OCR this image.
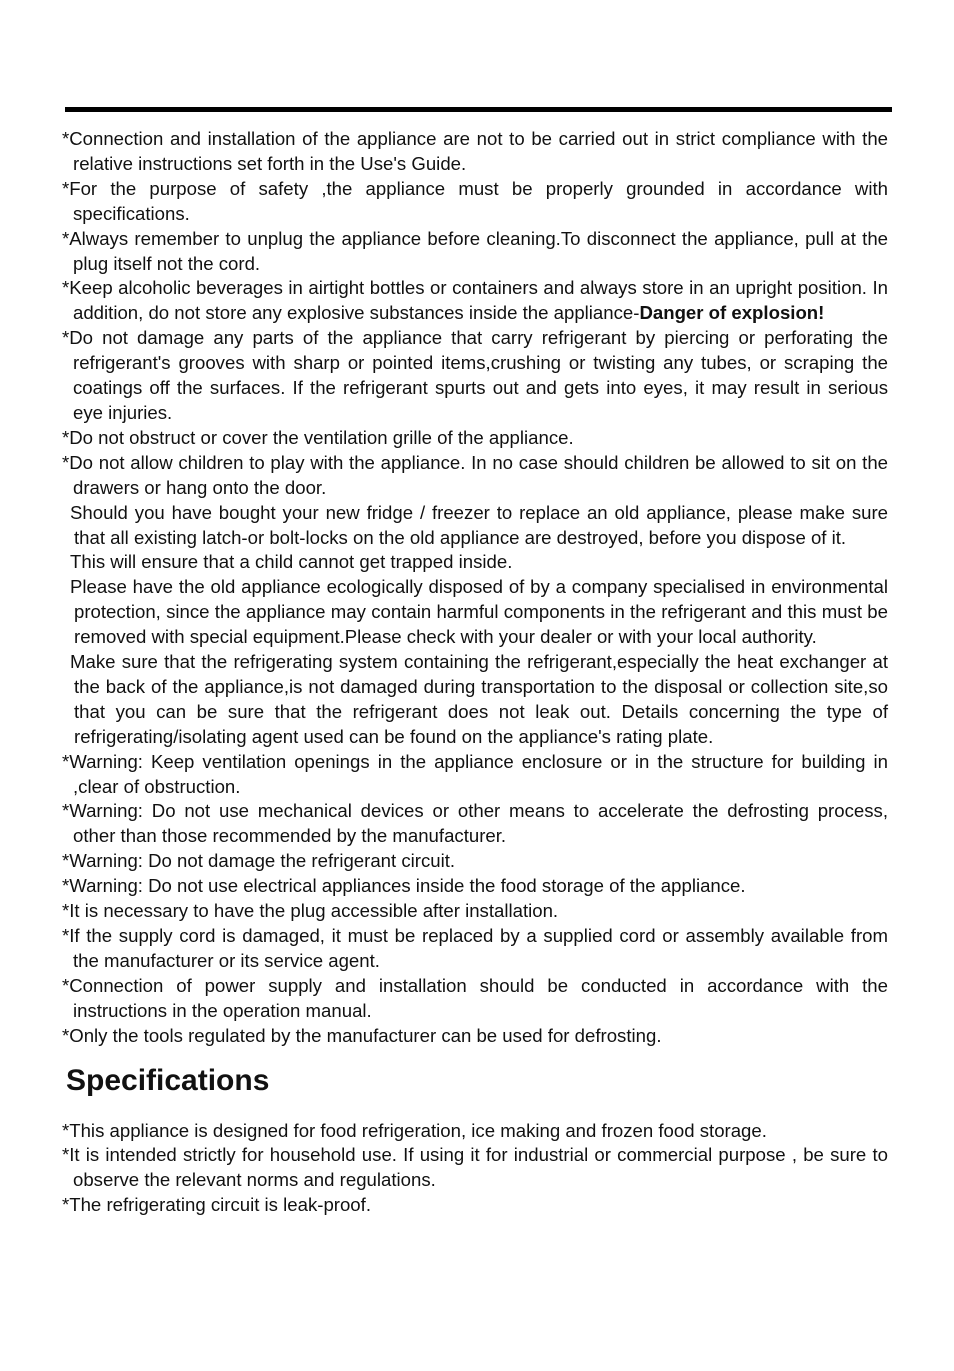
*Connection and installation of the appliance are not to be carried out in strict compliance with the relative instructions set forth in the Use's Guide.

*For the purpose of safety ,the appliance must be properly grounded in accordance with specifications.

*Always remember to unplug the appliance before cleaning.To disconnect the appliance, pull at the plug itself not the cord.

*Keep alcoholic beverages in airtight bottles or containers and always store in an upright position. In addition, do not store any explosive substances inside the appliance-Danger of explosion!

*Do not damage any parts of the appliance that carry refrigerant by piercing or perforating the refrigerant's grooves with sharp or pointed items,crushing or twisting any tubes, or scraping the coatings off the surfaces. If the refrigerant spurts out and gets into eyes, it may result in serious eye injuries.

*Do not obstruct or cover the ventilation grille of the appliance.

*Do not allow children to play with the appliance. In no case should children be allowed to sit on the drawers or hang onto the door.

Should you have bought your new fridge / freezer to replace an old appliance, please make sure that all existing latch-or bolt-locks on the old appliance are destroyed, before you dispose of it.

This will ensure that a child cannot get trapped inside.

Please have the old appliance ecologically disposed of by a company specialised in environmental protection, since the appliance may contain harmful components in the refrigerant and this must be removed with special equipment.Please check with your dealer or with your local authority.

Make sure that the refrigerating system containing the refrigerant,especially the heat exchanger at the back of the appliance,is not damaged during transportation to the disposal or collection site,so that you can be sure that the refrigerant does not leak out. Details concerning the type of refrigerating/isolating agent used can be found on the appliance's rating plate.

*Warning: Keep ventilation openings in the appliance enclosure or in the structure for building in ,clear of obstruction.

*Warning: Do not use mechanical devices or other means to accelerate the defrosting process, other than those recommended by the manufacturer.

*Warning: Do not damage the refrigerant circuit.

*Warning: Do not use electrical appliances inside the food storage of the appliance.

*It is necessary to have the plug accessible after installation.

*If the supply cord is damaged, it must be replaced by a supplied cord or assembly available from the manufacturer or its service agent.

*Connection of power supply and installation should be conducted in accordance with the instructions in the operation manual.

*Only the tools regulated by the manufacturer can be used for defrosting.

Specifications

*This appliance is designed for food refrigeration, ice making and frozen food storage.

*It is intended strictly for household use. If using it for industrial or commercial purpose , be sure to observe the relevant norms and regulations.

*The refrigerating circuit is leak-proof.
